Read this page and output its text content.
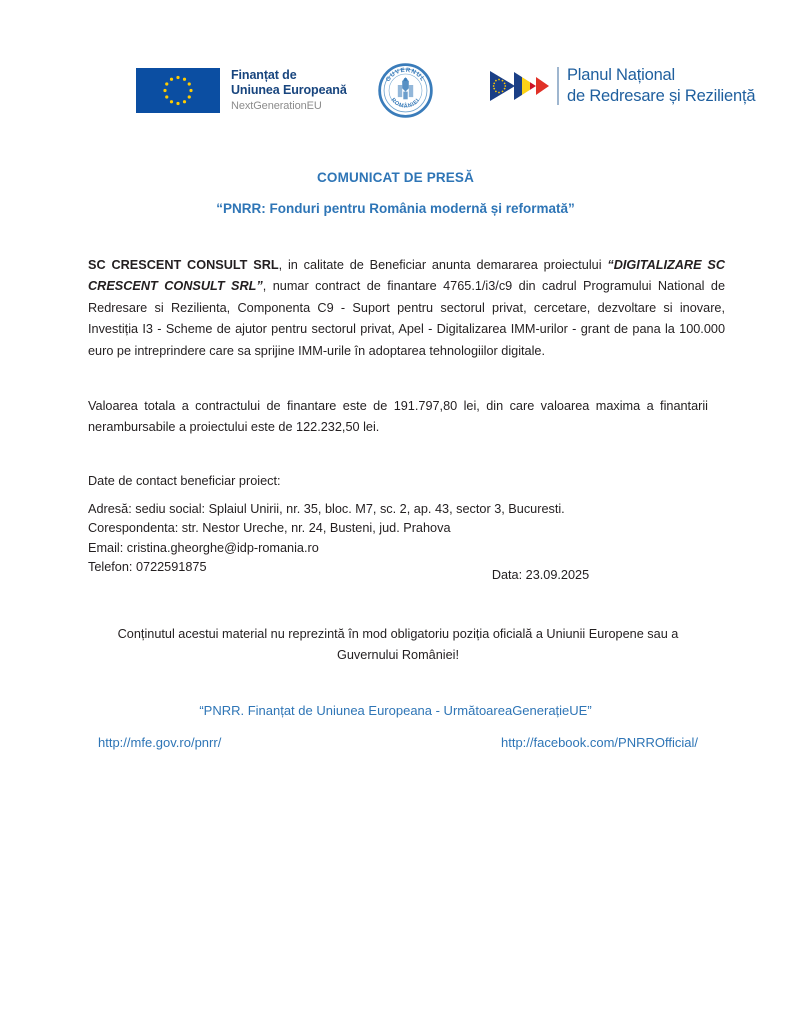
Finanțat de
Uniunea Europeană
NextGenerationEU
GUVERNUL
ROMÂNIEI
Planul Național
de Redresare și Reziliență
COMUNICAT DE PRESĂ
“PNRR: Fonduri pentru România modernă și reformată”

SC CRESCENT CONSULT SRL, in calitate de Beneficiar anunta demararea proiectului “DIGITALIZARE SC CRESCENT CONSULT SRL”, numar contract de finantare 4765.1/i3/c9 din cadrul Programului National de Redresare si Rezilienta, Componenta C9 - Suport pentru sectorul privat, cercetare, dezvoltare si inovare, Investiția I3 - Scheme de ajutor pentru sectorul privat, Apel - Digitalizarea IMM-urilor - grant de pana la 100.000 euro pe intreprindere care sa sprijine IMM-urile în adoptarea tehnologiilor digitale.

Valoarea totala a contractului de finantare este de 191.797,80 lei, din care valoarea maxima a finantarii nerambursabile a proiectului este de 122.232,50 lei.

Date de contact beneficiar proiect:
Adresă: sediu social: Splaiul Unirii, nr. 35, bloc. M7, sc. 2, ap. 43, sector 3, Bucuresti.
Corespondenta: str. Nestor Ureche, nr. 24, Busteni, jud. Prahova
Email: cristina.gheorghe@idp-romania.ro
Telefon: 0722591875
Data: 23.09.2025
Conținutul acestui material nu reprezintă în mod obligatoriu poziția oficială a Uniunii Europene sau a Guvernului României!
“PNRR. Finanțat de Uniunea Europeana - UrmătoareaGenerațieUE”
http://mfe.gov.ro/pnrr/	http://facebook.com/PNRROfficial/
